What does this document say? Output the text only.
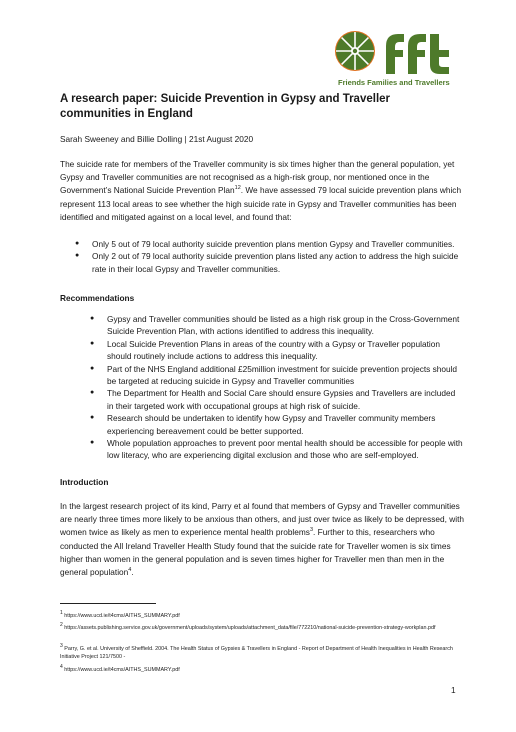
Friends Families and Travellers
A research paper: Suicide Prevention in Gypsy and Traveller communities in England
Sarah Sweeney and Billie Dolling | 21st August 2020
The suicide rate for members of the Traveller community is six times higher than the general population, yet Gypsy and Traveller communities are not recognised as a high-risk group, nor mentioned once in the Government’s National Suicide Prevention Plan$^{12}$. We have assessed 79 local suicide prevention plans which represent 113 local areas to see whether the high suicide rate in Gypsy and Traveller communities has been identified and mitigated against on a local level, and found that:
● Only 5 out of 79 local authority suicide prevention plans mention Gypsy and Traveller communities.
● Only 2 out of 79 local authority suicide prevention plans listed any action to address the high suicide rate in their local Gypsy and Traveller communities.
Recommendations
● Gypsy and Traveller communities should be listed as a high risk group in the Cross-Government Suicide Prevention Plan, with actions identified to address this inequality.
● Local Suicide Prevention Plans in areas of the country with a Gypsy or Traveller population should routinely include actions to address this inequality.
● Part of the NHS England additional £25million investment for suicide prevention projects should be targeted at reducing suicide in Gypsy and Traveller communities
● The Department for Health and Social Care should ensure Gypsies and Travellers are included in their targeted work with occupational groups at high risk of suicide.
● Research should be undertaken to identify how Gypsy and Traveller community members experiencing bereavement could be better supported.
● Whole population approaches to prevent poor mental health should be accessible for people with low literacy, who are experiencing digital exclusion and those who are self-employed.
Introduction
In the largest research project of its kind, Parry et al found that members of Gypsy and Traveller communities are nearly three times more likely to be anxious than others, and just over twice as likely to be depressed, with women twice as likely as men to experience mental health problems$^3$. Further to this, researchers who conducted the All Ireland Traveller Health Study found that the suicide rate for Traveller women is six times higher than women in the general population and is seven times higher for Traveller men than men in the general population$^4$.
$^1$ https://www.ucd.ie/t4cms/AITHS_SUMMARY.pdf
$^2$ https://assets.publishing.service.gov.uk/government/uploads/system/uploads/attachment_data/file/772210/national-suicide-prevention-strategy-workplan.pdf
$^3$ Parry, G. et al. University of Sheffield. 2004. The Health Status of Gypsies & Travellers in England - Report of Department of Health Inequalities in Health Research Initiative Project 121/7500 -
$^4$ https://www.ucd.ie/t4cms/AITHS_SUMMARY.pdf
1
